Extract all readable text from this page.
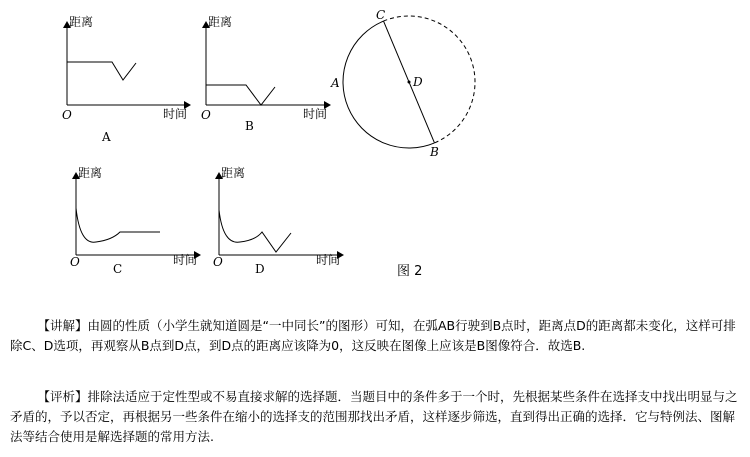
距离
时间
O
A
距离
时间
O
B
C
A	D
B
距离
时间
O	C
距离
时间
O	D	图 2

【讲解】由圆的性质（小学生就知道圆是“一中同长”的图形）可知，在弧AB行驶到B点时，距离点D的距离都未变化，这样可排除C、D选项，再观察从B点到D点，到D点的距离应该降为0，这反映在图像上应该是B图像符合．故选B.

【评析】排除法适应于定性型或不易直接求解的选择题．当题目中的条件多于一个时，先根据某些条件在选择支中找出明显与之矛盾的，予以否定，再根据另一些条件在缩小的选择支的范围那找出矛盾，这样逐步筛选，直到得出正确的选择．它与特例法、图解法等结合使用是解选择题的常用方法.
